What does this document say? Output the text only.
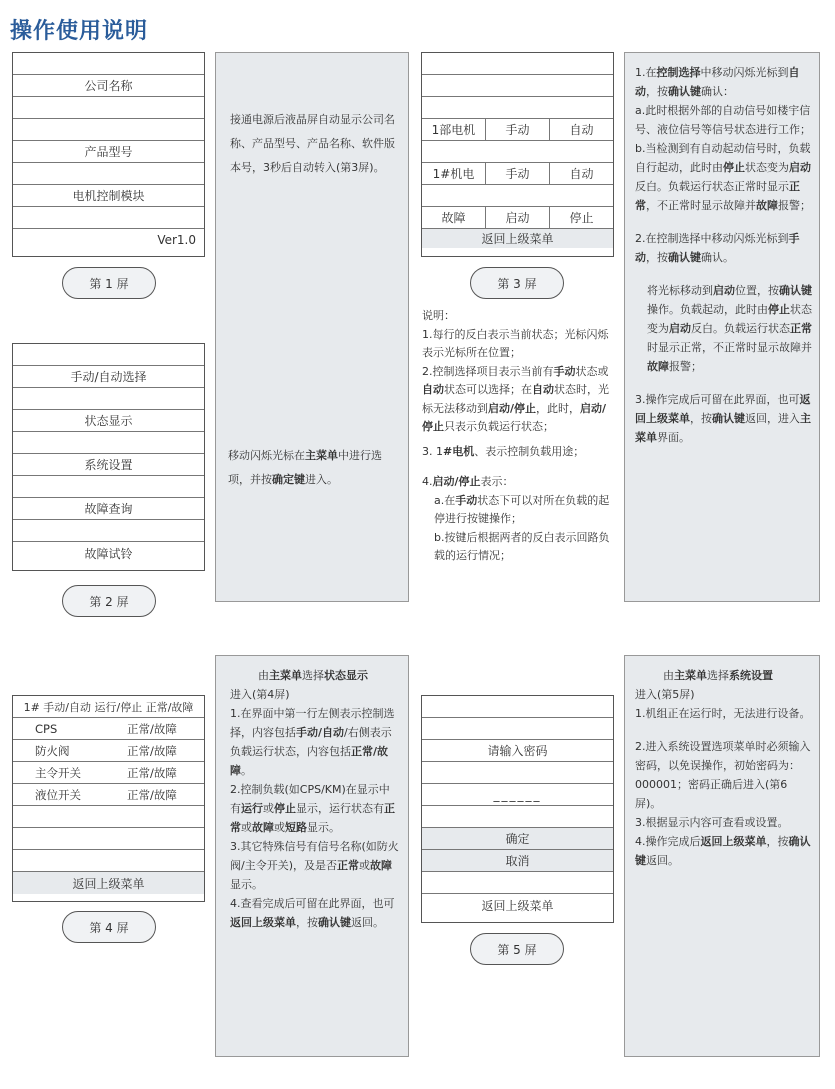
操作使用说明
公司名称
产品型号
电机控制模块
Ver1.0
第 1 屏
接通电源后液晶屏自动显示公司名称、产品型号、产品名称、软件版本号，3秒后自动转入(第3屏)。
移动闪烁光标在主菜单中进行选项，并按确定键进入。
手动/自动选择
状态显示
系统设置
故障查询
故障试铃
第 2 屏
1部电机	手动	自动
1#机电	手动	自动
故障	启动	停止
返回上级菜单
第 3 屏
说明：
1.每行的反白表示当前状态；光标闪烁表示光标所在位置；
2.控制选择项目表示当前有手动状态或自动状态可以选择；在自动状态时，光标无法移动到启动/停止，此时，启动/停止只表示负载运行状态；
3. 1#电机、表示控制负载用途；
4.启动/停止表示：
a.在手动状态下可以对所在负载的起停进行按键操作；
b.按键后根据两者的反白表示回路负载的运行情况；
1.在控制选择中移动闪烁光标到自动，按确认键确认：
a.此时根据外部的自动信号如楼宇信号、液位信号等信号状态进行工作；
b.当检测到有自动起动信号时，负载自行起动，此时由停止状态变为启动反白。负载运行状态正常时显示正常，不正常时显示故障并故障报警；
2.在控制选择中移动闪烁光标到手动，按确认键确认。
将光标移动到启动位置，按确认键操作。负载起动，此时由停止状态变为启动反白。负载运行状态正常时显示正常，不正常时显示故障并故障报警；
3.操作完成后可留在此界面，也可返回上级菜单，按确认键返回，进入主菜单界面。
1# 手动/自动 运行/停止 正常/故障
CPS	正常/故障
防火阀	正常/故障
主令开关	正常/故障
液位开关	正常/故障
返回上级菜单
第 4 屏
由主菜单选择状态显示
进入(第4屏)
1.在界面中第一行左侧表示控制选择，内容包括手动/自动/右侧表示负载运行状态，内容包括正常/故障。
2.控制负载(如CPS/KM)在显示中有运行或停止显示，运行状态有正常或故障或短路显示。
3.其它特殊信号有信号名称(如防火阀/主令开关)，及是否正常或故障显示。
4.查看完成后可留在此界面，也可返回上级菜单，按确认键返回。
请输入密码
______
确定
取消
返回上级菜单
第 5 屏
由主菜单选择系统设置
进入(第5屏)
1.机组正在运行时，无法进行设备。
2.进入系统设置选项菜单时必须输入密码，以免误操作，初始密码为：000001；密码正确后进入(第6屏)。
3.根据显示内容可查看或设置。
4.操作完成后返回上级菜单，按确认键返回。
